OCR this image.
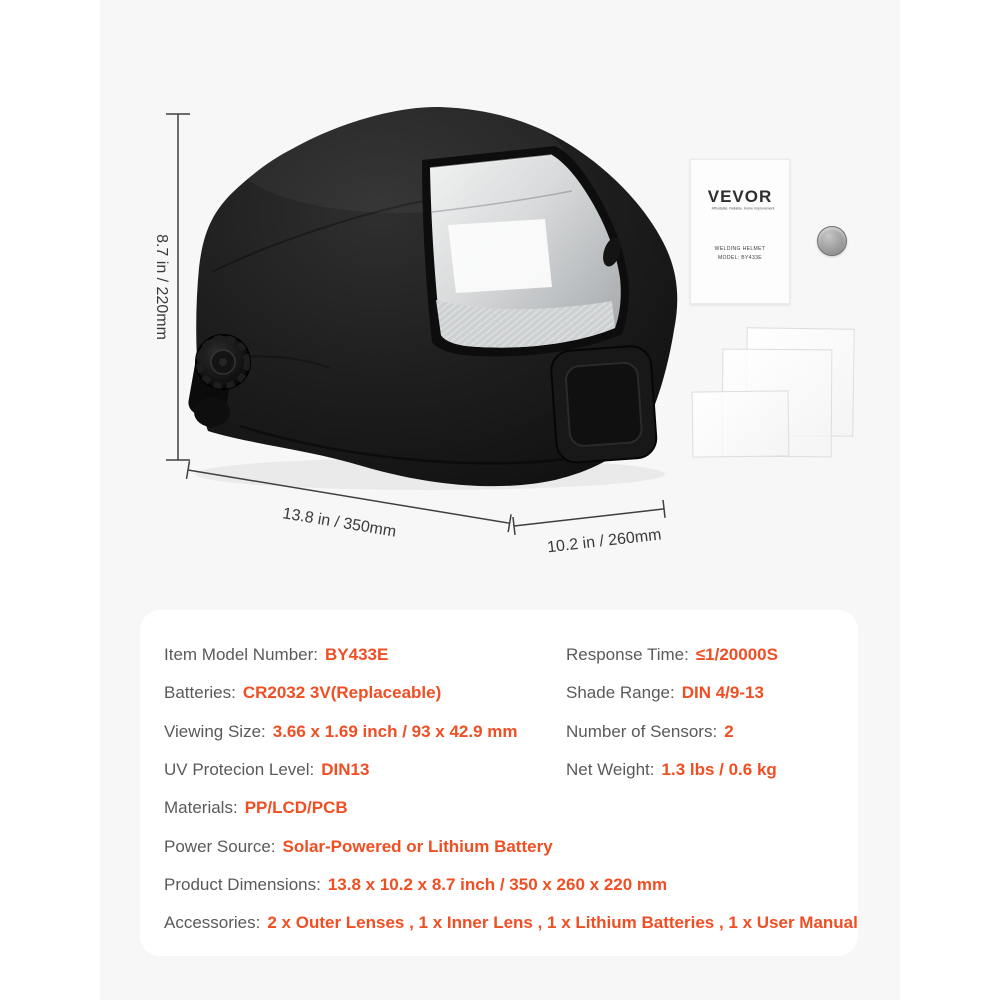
8.7 in / 220mm
13.8 in / 350mm
10.2 in / 260mm
VEVOR
Affordable. Reliable. Home Improvement.
WELDING HELMET
MODEL: BY433E
Item Model Number: BY433E
Batteries: CR2032 3V(Replaceable)
Viewing Size: 3.66 x 1.69 inch / 93 x 42.9 mm
UV Protecion Level: DIN13
Materials: PP/LCD/PCB
Power Source: Solar-Powered or Lithium Battery
Product Dimensions: 13.8 x 10.2 x 8.7 inch / 350 x 260 x 220 mm
Accessories: 2 x Outer Lenses , 1 x Inner Lens , 1 x Lithium Batteries , 1 x User Manual
Response Time: ≤1/20000S
Shade Range: DIN 4/9-13
Number of Sensors: 2
Net Weight: 1.3 lbs / 0.6 kg
